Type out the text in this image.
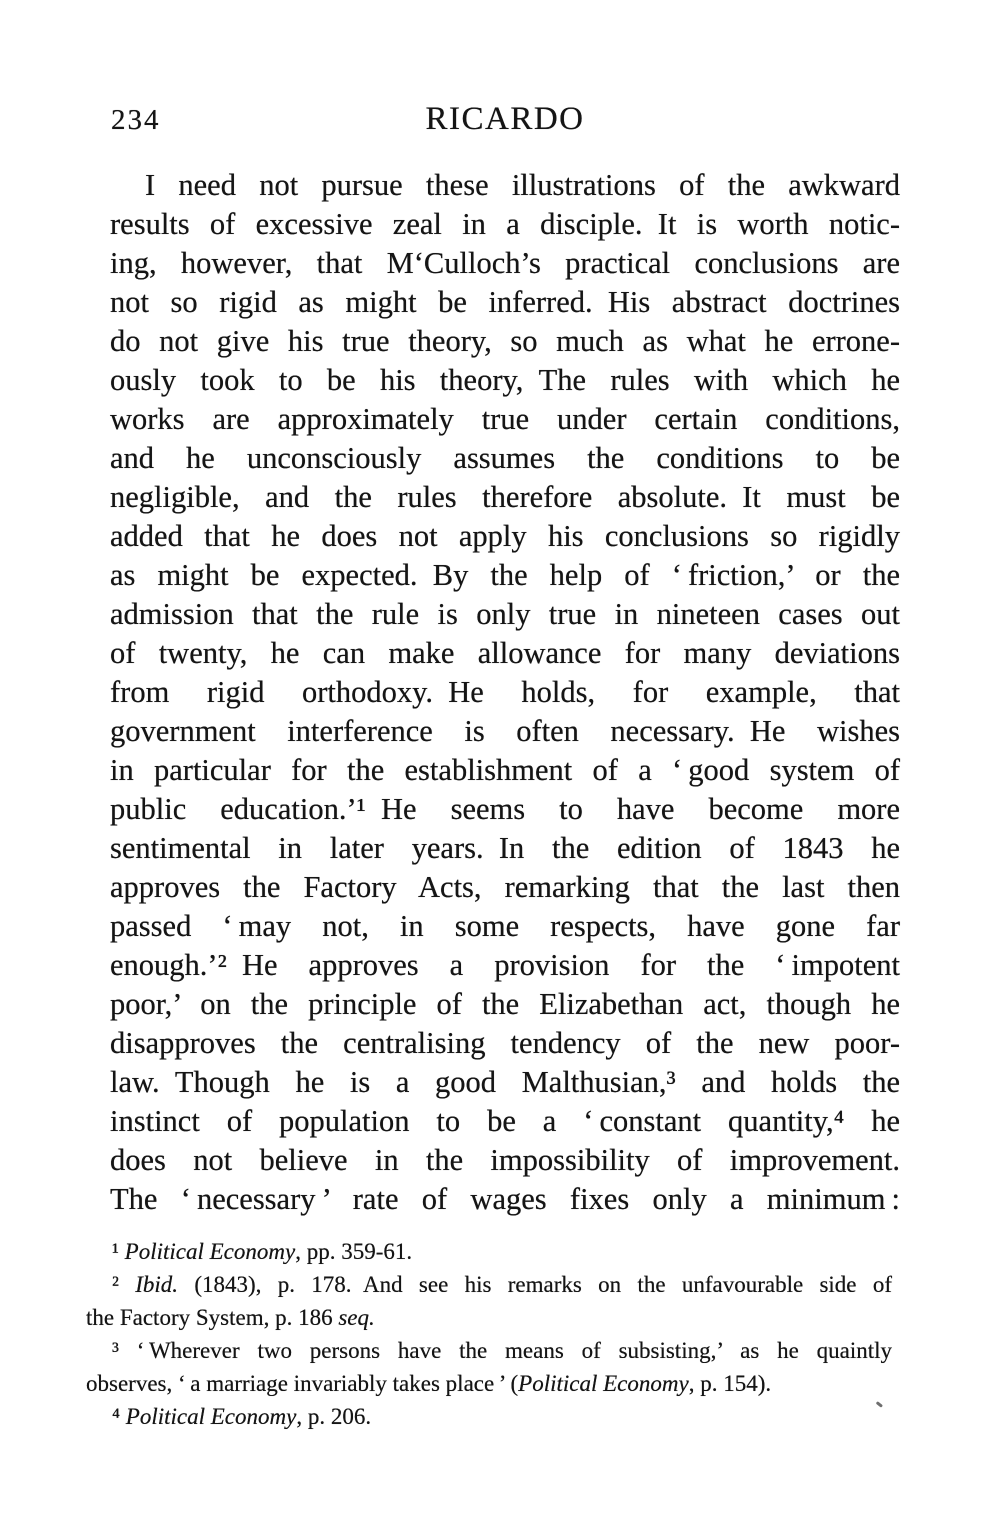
234	RICARDO
I need not pursue these illustrations of the awkward
results of excessive zeal in a disciple. It is worth notic-
ing, however, that M‘Culloch’s practical conclusions are
not so rigid as might be inferred. His abstract doctrines
do not give his true theory, so much as what he errone-
ously took to be his theory, The rules with which he
works are approximately true under certain conditions,
and he unconsciously assumes the conditions to be
negligible, and the rules therefore absolute. It must be
added that he does not apply his conclusions so rigidly
as might be expected. By the help of ‘ friction,’ or the
admission that the rule is only true in nineteen cases out
of twenty, he can make allowance for many deviations
from rigid orthodoxy. He holds, for example, that
government interference is often necessary. He wishes
in particular for the establishment of a ‘ good system of
public education.’¹ He seems to have become more
sentimental in later years. In the edition of 1843 he
approves the Factory Acts, remarking that the last then
passed ‘ may not, in some respects, have gone far
enough.’² He approves a provision for the ‘ impotent
poor,’ on the principle of the Elizabethan act, though he
disapproves the centralising tendency of the new poor-
law. Though he is a good Malthusian,³ and holds the
instinct of population to be a ‘ constant quantity,⁴ he
does not believe in the impossibility of improvement.
The ‘ necessary ’ rate of wages fixes only a minimum :
¹ Political Economy, pp. 359-61.
² Ibid. (1843), p. 178. And see his remarks on the unfavourable side of
the Factory System, p. 186 seq.
³ ‘ Wherever two persons have the means of subsisting,’ as he quaintly
observes, ‘ a marriage invariably takes place ’ (Political Economy, p. 154).
⁴ Political Economy, p. 206.
